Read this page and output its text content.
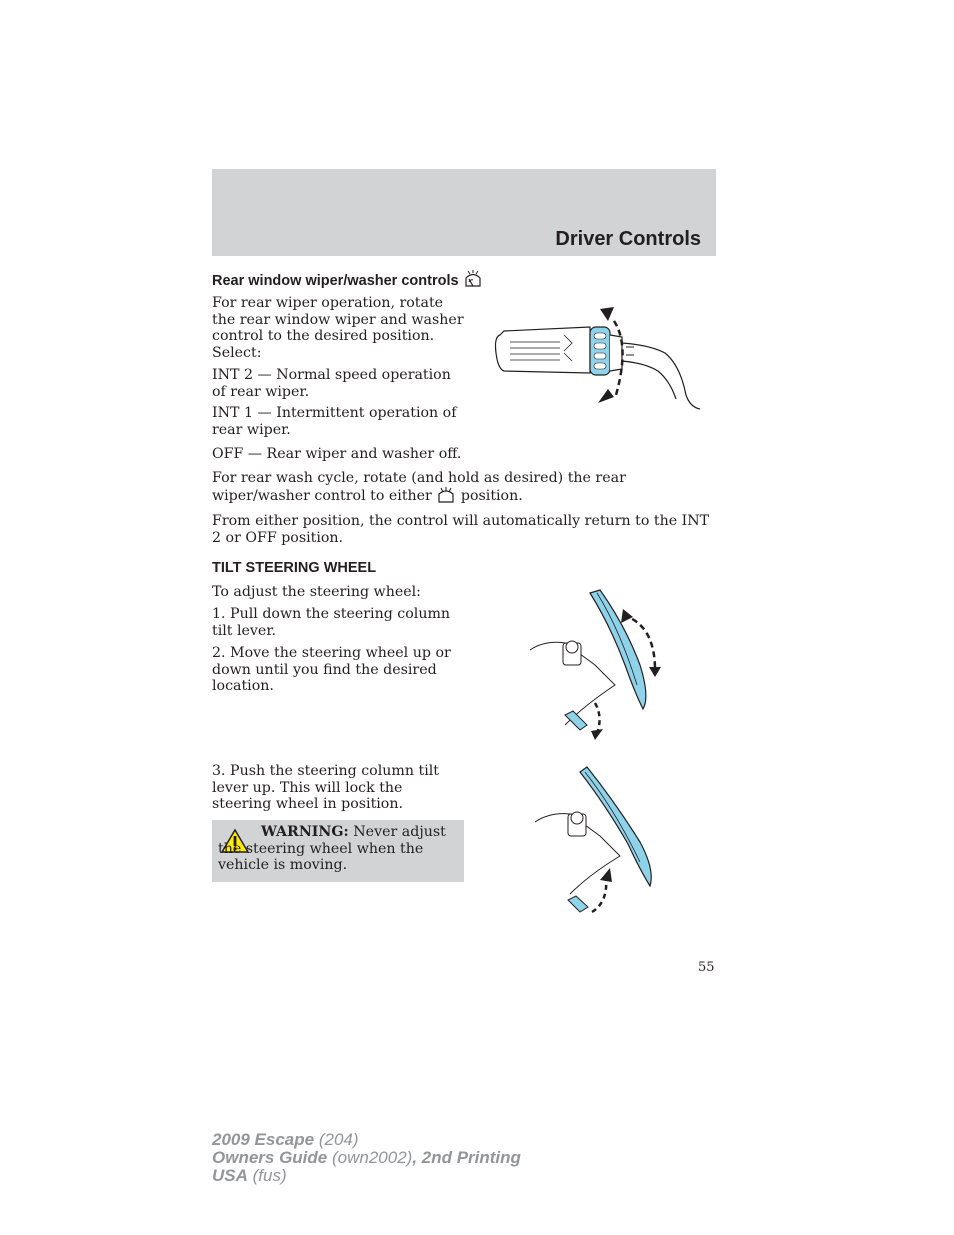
Driver Controls
Rear window wiper/washer controls

For rear wiper operation, rotate the rear window wiper and washer control to the desired position. Select:

INT 2 — Normal speed operation of rear wiper.

INT 1 — Intermittent operation of rear wiper.

OFF — Rear wiper and washer off.

For rear wash cycle, rotate (and hold as desired) the rear wiper/washer control to either position.

From either position, the control will automatically return to the INT 2 or OFF position.

TILT STEERING WHEEL

To adjust the steering wheel:

1. Pull down the steering column tilt lever.

2. Move the steering wheel up or down until you find the desired location.

3. Push the steering column tilt lever up. This will lock the steering wheel in position.

WARNING: Never adjust the steering wheel when the vehicle is moving.
55
2009 Escape (204)
Owners Guide (own2002), 2nd Printing
USA (fus)
